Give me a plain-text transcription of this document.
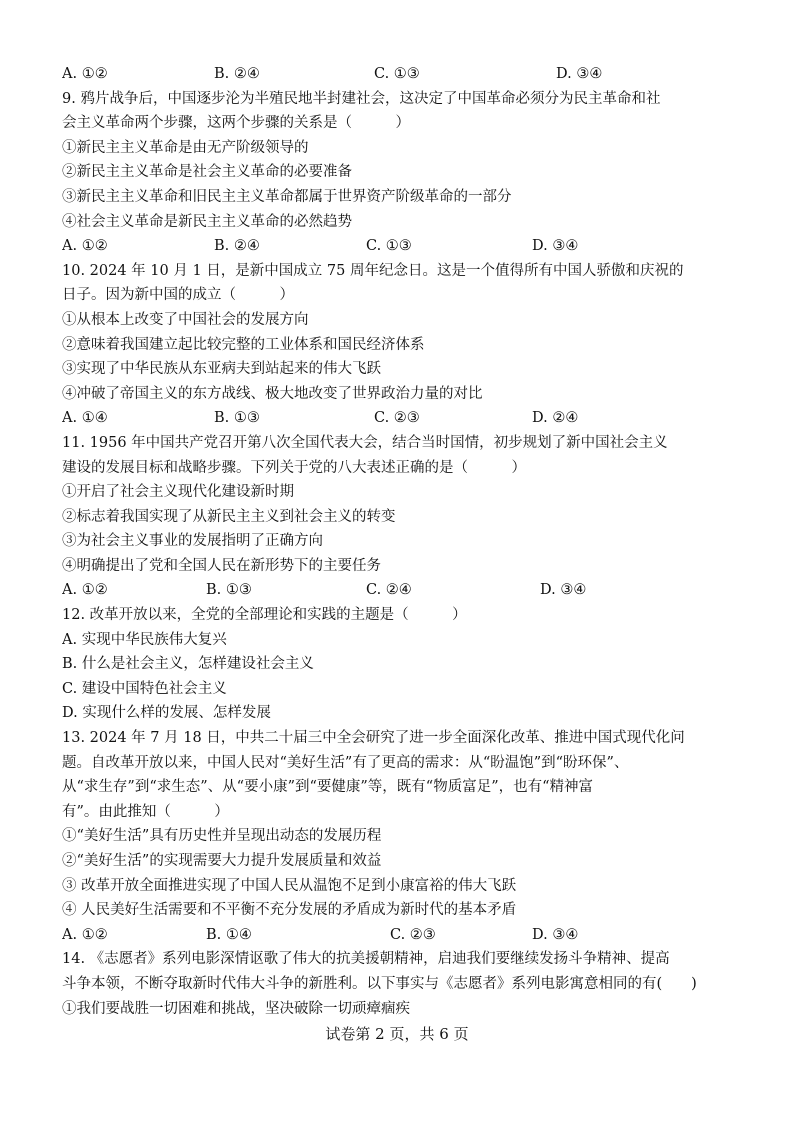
A. ①②	B. ②④	C. ①③	D. ③④
9. 鸦片战争后，中国逐步沦为半殖民地半封建社会，这决定了中国革命必须分为民主革命和社
会主义革命两个步骤，这两个步骤的关系是（　　　）
①新民主主义革命是由无产阶级领导的
②新民主主义革命是社会主义革命的必要准备
③新民主主义革命和旧民主主义革命都属于世界资产阶级革命的一部分
④社会主义革命是新民主主义革命的必然趋势
A. ①②	B. ②④	C. ①③	D. ③④
10. 2024 年 10 月 1 日，是新中国成立 75 周年纪念日。这是一个值得所有中国人骄傲和庆祝的
日子。因为新中国的成立（　　　）
①从根本上改变了中国社会的发展方向
②意味着我国建立起比较完整的工业体系和国民经济体系
③实现了中华民族从东亚病夫到站起来的伟大飞跃
④冲破了帝国主义的东方战线、极大地改变了世界政治力量的对比
A. ①④	B. ①③	C. ②③	D. ②④
11. 1956 年中国共产党召开第八次全国代表大会，结合当时国情，初步规划了新中国社会主义
建设的发展目标和战略步骤。下列关于党的八大表述正确的是（　　　）
①开启了社会主义现代化建设新时期
②标志着我国实现了从新民主主义到社会主义的转变
③为社会主义事业的发展指明了正确方向
④明确提出了党和全国人民在新形势下的主要任务
A. ①②	B. ①③	C. ②④	D. ③④
12. 改革开放以来，全党的全部理论和实践的主题是（　　　）
A. 实现中华民族伟大复兴
B. 什么是社会主义，怎样建设社会主义
C. 建设中国特色社会主义
D. 实现什么样的发展、怎样发展
13. 2024 年 7 月 18 日，中共二十届三中全会研究了进一步全面深化改革、推进中国式现代化问
题。自改革开放以来，中国人民对“美好生活”有了更高的需求：从“盼温饱”到“盼环保”、
从“求生存”到“求生态”、从“要小康”到“要健康”等，既有“物质富足”，也有“精神富
有”。由此推知（　　　）
①“美好生活”具有历史性并呈现出动态的发展历程
②“美好生活”的实现需要大力提升发展质量和效益
③ 改革开放全面推进实现了中国人民从温饱不足到小康富裕的伟大飞跃
④ 人民美好生活需要和不平衡不充分发展的矛盾成为新时代的基本矛盾
A. ①②	B. ①④	C. ②③	D. ③④
14. 《志愿者》系列电影深情讴歌了伟大的抗美援朝精神，启迪我们要继续发扬斗争精神、提高
斗争本领，不断夺取新时代伟大斗争的新胜利。以下事实与《志愿者》系列电影寓意相同的有(　　)
①我们要战胜一切困难和挑战，坚决破除一切顽瘴痼疾
试卷第 2 页，共 6 页
